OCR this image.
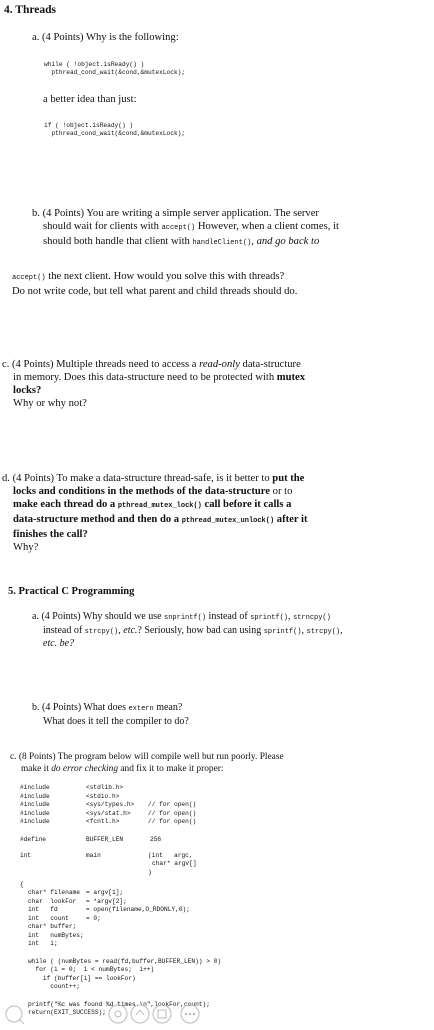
4. Threads
a. (4 Points) Why is the following:

while ( !object.isReady() )
pthread_cond_wait(&cond,&mutexLock);
a better idea than just:

if ( !object.isReady() )
pthread_cond_wait(&cond,&mutexLock);
b. (4 Points) You are writing a simple server application. The server
should wait for clients with accept() However, when a client comes, it
should both handle that client with handleClient(), and go back to
accept() the next client. How would you solve this with threads?
Do not write code, but tell what parent and child threads should do.
c. (4 Points) Multiple threads need to access a read-only data-structure
in memory. Does this data-structure need to be protected with mutex
locks?
Why or why not?
d. (4 Points) To make a data-structure thread-safe, is it better to put the
locks and conditions in the methods of the data-structure or to
make each thread do a pthread_mutex_lock() call before it calls a
data-structure method and then do a pthread_mutex_unlock() after it
finishes the call?
Why?
5. Practical C Programming
a. (4 Points) Why should we use snprintf() instead of sprintf(), strncpy()
instead of strcpy(), etc.? Seriously, how bad can using sprintf(), strcpy(),
etc. be?
b. (4 Points) What does extern mean?
What does it tell the compiler to do?
c. (8 Points) The program below will compile well but run poorly. Please
make it do error checking and fix it to make it proper:
#include	<stdlib.h>
#include	<stdio.h>
#include	<sys/types.h> // for open()
#include	<sys/stat.h>	// for open()
#include	<fcntl.h>	// for open()
#define	BUFFER_LEN	256
int	main	(int   argc,
char* argv[]
)
{
char* filename = argv[1];
char  lookFor = *argv[2];
int   fd	= open(filename,O_RDONLY,0);
int   count	= 0;
char* buffer;
int   numBytes;
int   i;
while ( (numBytes = read(fd,buffer,BUFFER_LEN)) > 0)
for (i = 0;  i < numBytes;  i++)
if (buffer[i] == lookFor)
count++;
printf("%c was found %d times.\n",lookFor,count);
return(EXIT_SUCCESS);
